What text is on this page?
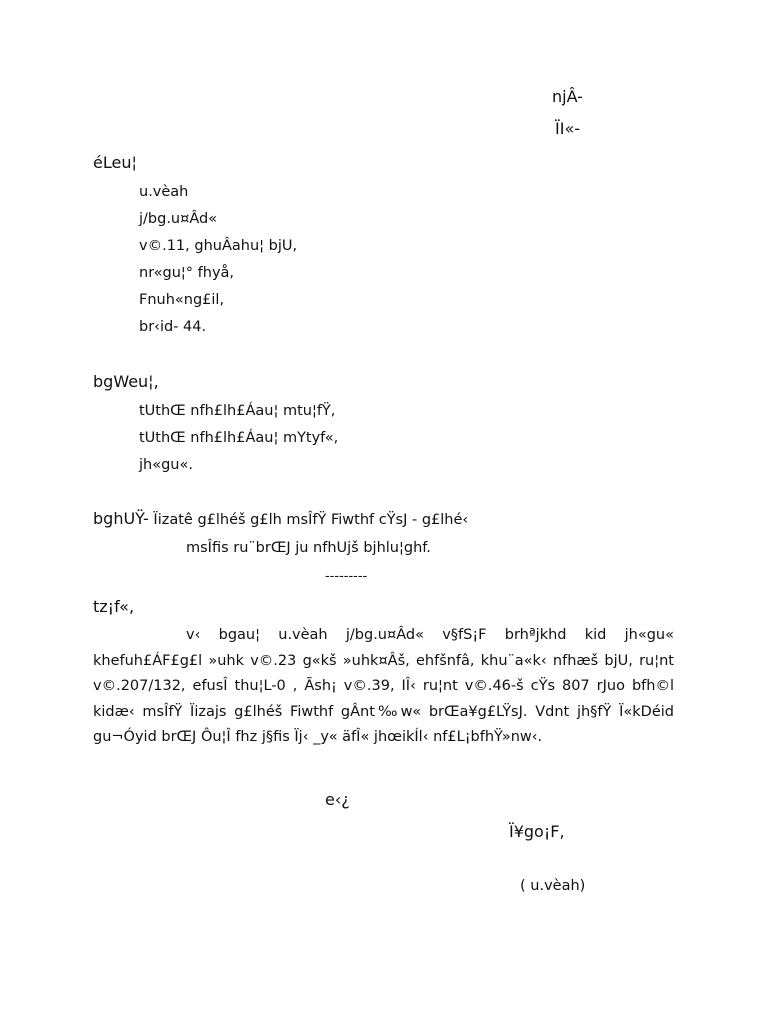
njÂ-
ÏI«-
éLeu¦
u.vèah
j/bg.u¤Âd«
v©.11, ghuÂahu¦ bjU,
nr«gu¦° fhyå,
Fnuh«ng£il,
br‹id- 44.
bgWeu¦,
tUthŒ nfh£lh£Áau¦ mtu¦fŸ,
tUthŒ nfh£lh£Áau¦ mYtyf«,
jh«gu«.
bghUŸ- Ïizatê g£lhéš g£lh msÎfŸ Fiwthf cŸsJ - g£lhé‹
msÎfis ru¨brŒJ ju nfhUjš bjhlu¦ghf.
---------
tz¡f«,
v‹ bgau¦ u.vèah j/bg.u¤Âd« v§fS¡F brhªjkhd kid jh«gu« khefuh£ÁF£g£l »uhk v©.23 g«kš »uhk¤Âš, ehfšnfâ, khu¨a«k‹ nfhæš bjU, ru¦nt v©.207/132, efusÎ thu¦L-0 , Ãsh¡ v©.39, IÎ‹ ru¦nt v©.46-š cŸs 807 rJuo bfh©l kidæ‹ msÎfŸ Ïizajs g£lhéš Fiwthf gÂnt‰w« brŒa¥g£LŸsJ. Vdnt jh§fŸ Ï«kDéid gu¬Óyid brŒJ Ôu¦Î fhz j§fis Ïj‹ _y« äfÎ« jhœikÍl‹ nf£L¡bfhŸ»nw‹.
e‹¿
Ï¥go¡F,
( u.vèah)
